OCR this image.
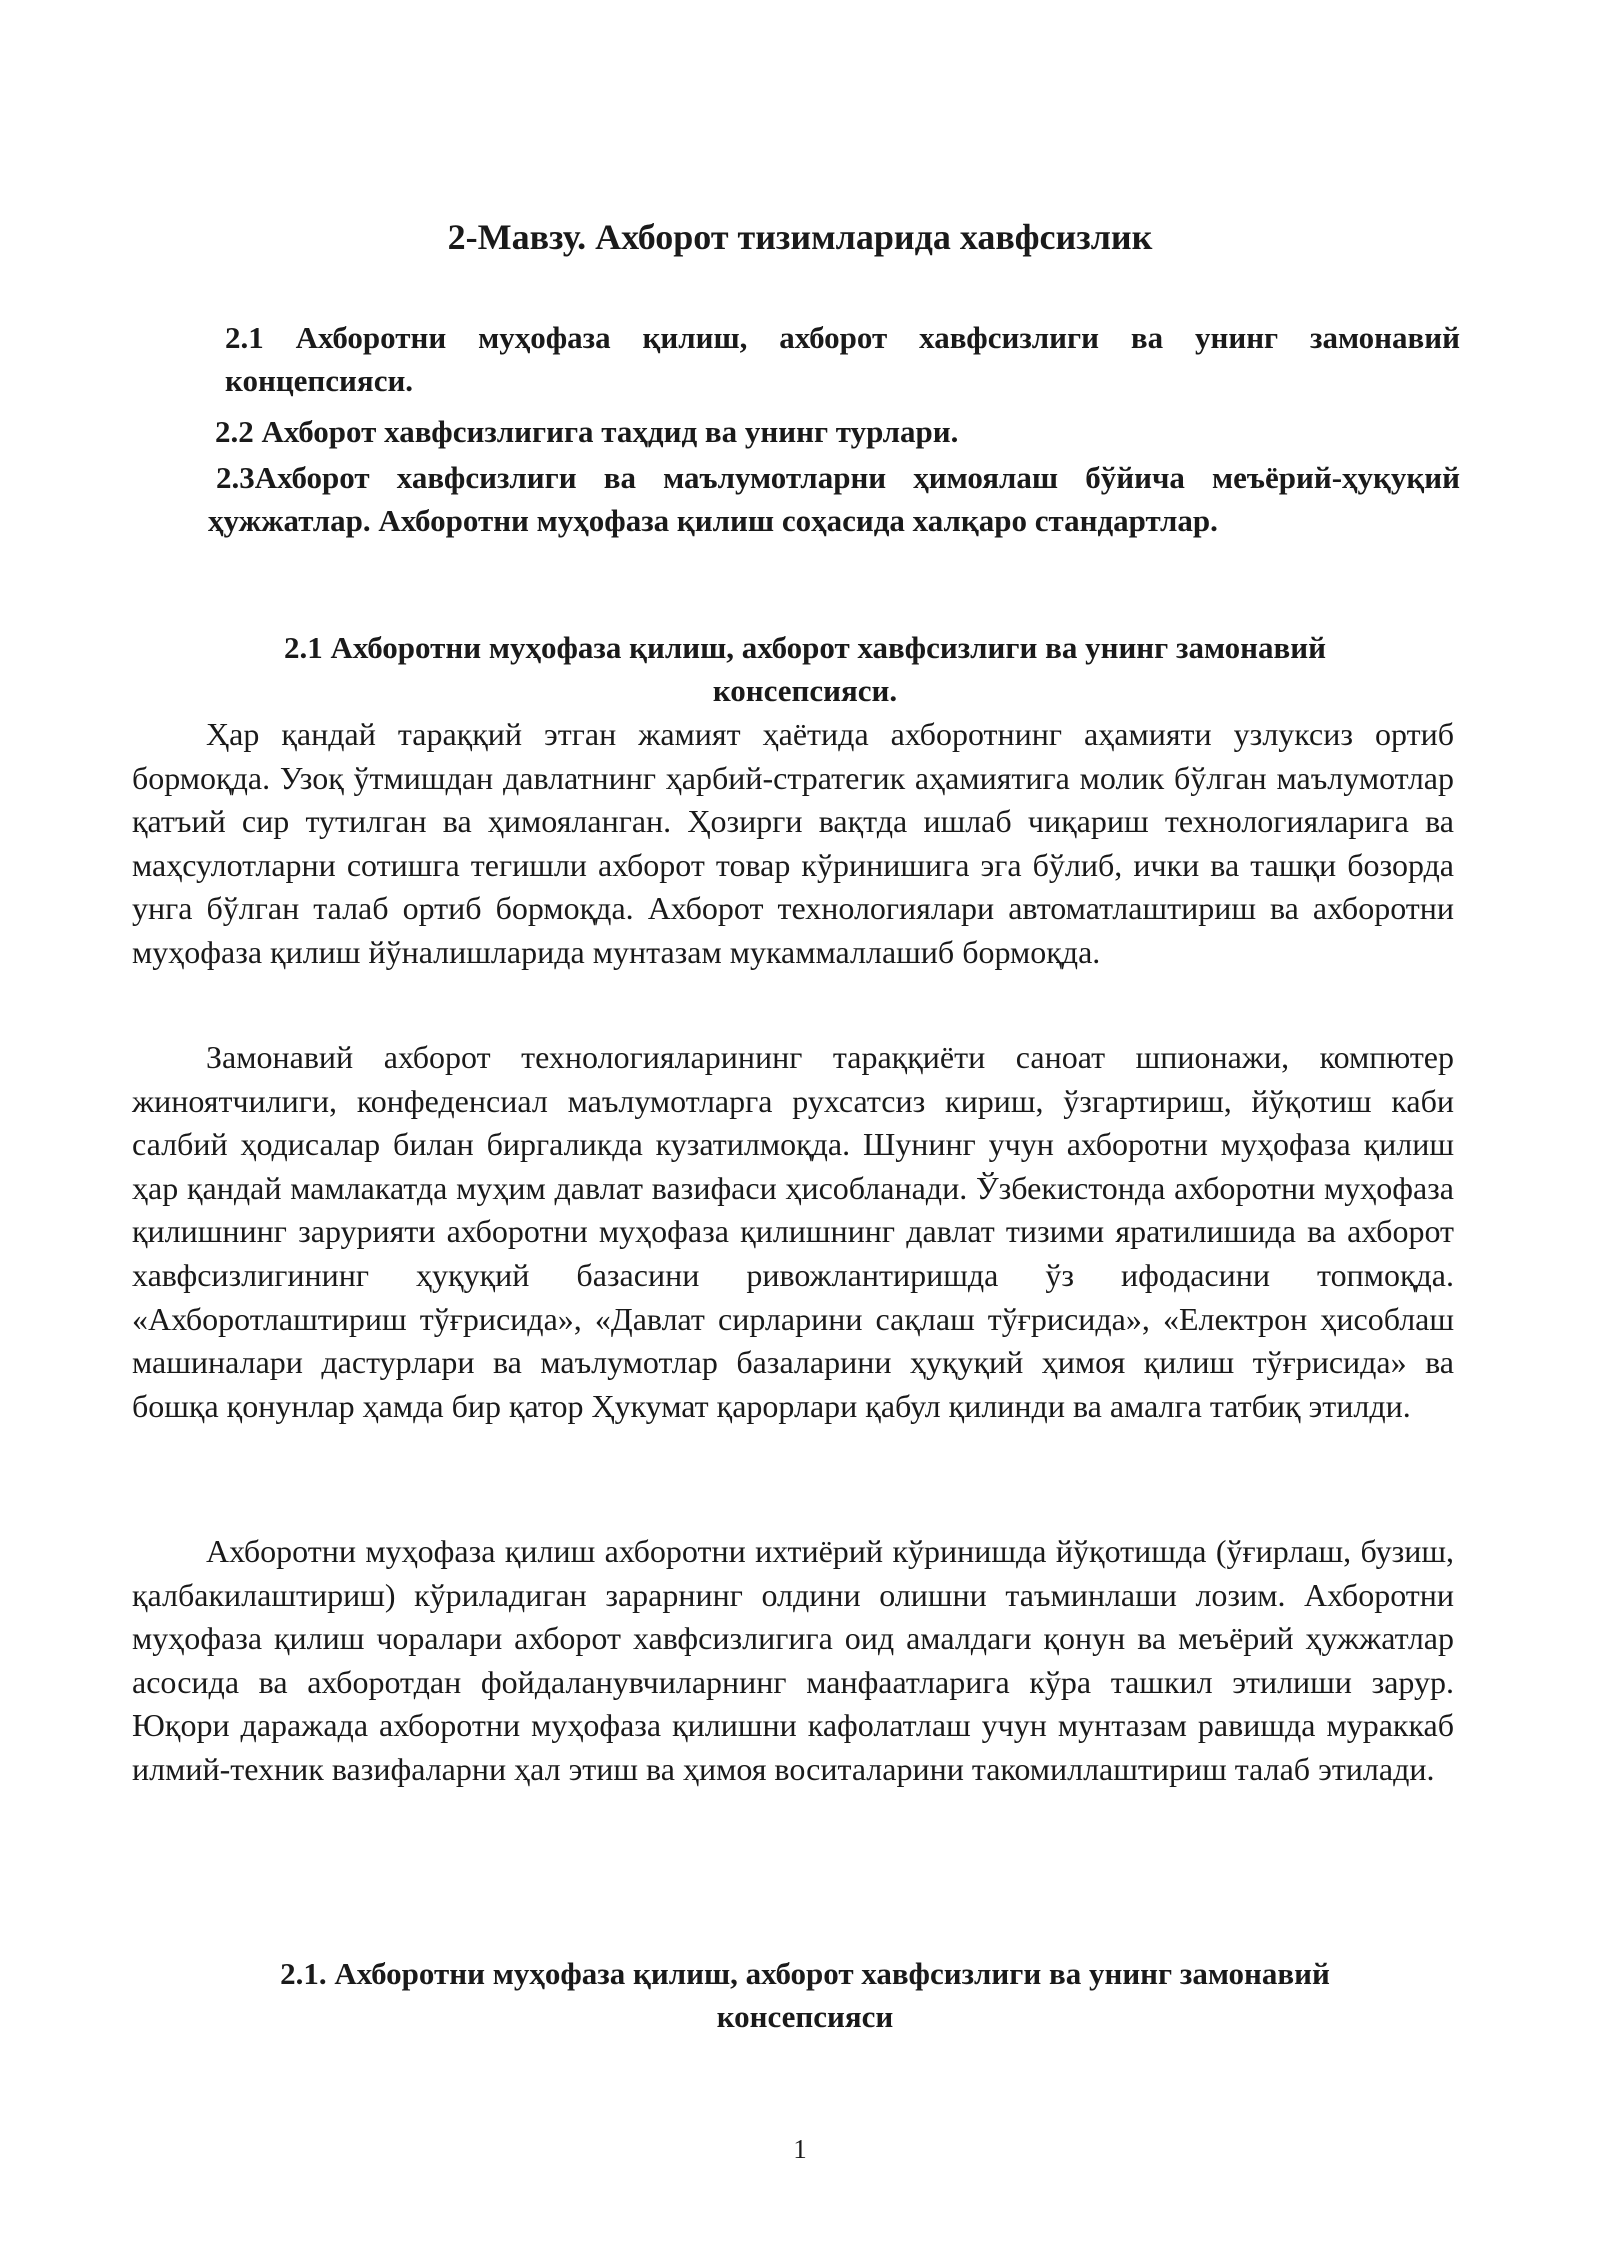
2-Мавзу. Ахборот тизимларида хавфсизлик

2.1 Ахборотни муҳофаза қилиш, ахборот хавфсизлиги ва унинг замонавий концепсияси.

2.2 Ахборот хавфсизлигига таҳдид ва унинг турлари.

2.3Ахборот хавфсизлиги ва маълумотларни ҳимоялаш бўйича меъёрий-ҳуқуқий ҳужжатлар. Ахборотни муҳофаза қилиш соҳасида халқаро стандартлар.

2.1 Ахборотни муҳофаза қилиш, ахборот хавфсизлиги ва унинг замонавий консепсияси.

Ҳар қандай тараққий этган жамият ҳаётида ахборотнинг аҳамияти узлуксиз ортиб бормоқда. Узоқ ўтмишдан давлатнинг ҳарбий-стратегик аҳамиятига молик бўлган маълумотлар қатъий сир тутилган ва ҳимояланган. Ҳозирги вақтда ишлаб чиқариш технологияларига ва маҳсулотларни сотишга тегишли ахборот товар кўринишига эга бўлиб, ички ва ташқи бозорда унга бўлган талаб ортиб бормоқда. Ахборот технологиялари автоматлаштириш ва ахборотни муҳофаза қилиш йўналишларида мунтазам мукаммаллашиб бормоқда.

Замонавий ахборот технологияларининг тараққиёти саноат шпионажи, компютер жиноятчилиги, конфеденсиал маълумотларга рухсатсиз кириш, ўзгартириш, йўқотиш каби салбий ҳодисалар билан биргаликда кузатилмоқда. Шунинг учун ахборотни муҳофаза қилиш ҳар қандай мамлакатда муҳим давлат вазифаси ҳисобланади. Ўзбекистонда ахборотни муҳофаза қилишнинг зарурияти ахборотни муҳофаза қилишнинг давлат тизими яратилишида ва ахборот хавфсизлигининг ҳуқуқий базасини ривожлантиришда ўз ифодасини топмоқда. «Ахборотлаштириш тўғрисида», «Давлат сирларини сақлаш тўғрисида», «Електрон ҳисоблаш машиналари дастурлари ва маълумотлар базаларини ҳуқуқий ҳимоя қилиш тўғрисида» ва бошқа қонунлар ҳамда бир қатор Ҳукумат қарорлари қабул қилинди ва амалга татбиқ этилди.

Ахборотни муҳофаза қилиш ахборотни ихтиёрий кўринишда йўқотишда (ўғирлаш, бузиш, қалбакилаштириш) кўриладиган зарарнинг олдини олишни таъминлаши лозим. Ахборотни муҳофаза қилиш чоралари ахборот хавфсизлигига оид амалдаги қонун ва меъёрий ҳужжатлар асосида ва ахборотдан фойдаланувчиларнинг манфаатларига кўра ташкил этилиши зарур. Юқори даражада ахборотни муҳофаза қилишни кафолатлаш учун мунтазам равишда мураккаб илмий-техник вазифаларни ҳал этиш ва ҳимоя воситаларини такомиллаштириш талаб этилади.

2.1. Ахборотни муҳофаза қилиш, ахборот хавфсизлиги ва унинг замонавий консепсияси
1
